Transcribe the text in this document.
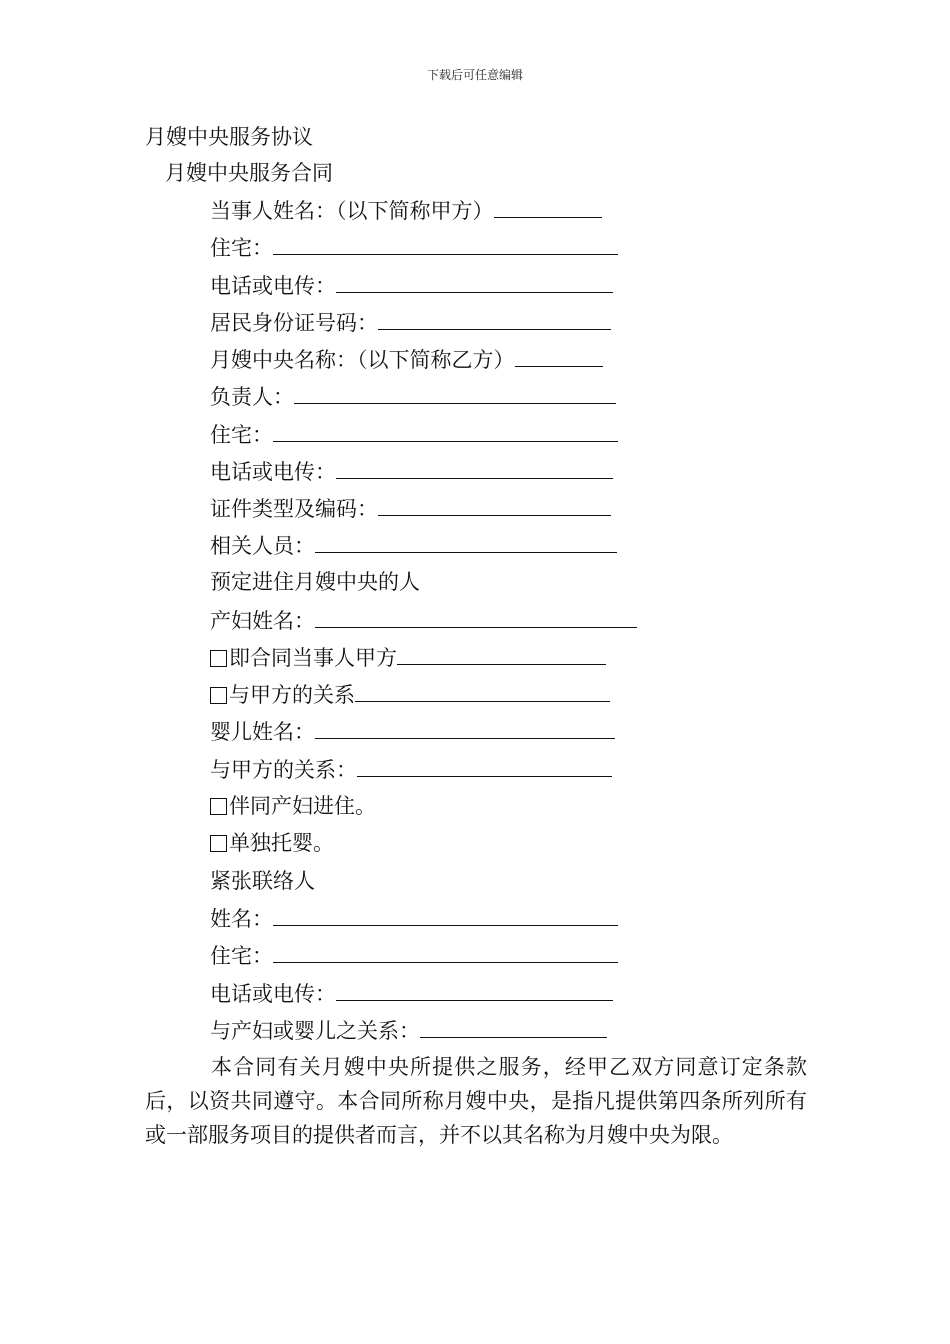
下载后可任意编辑
月嫂中央服务协议
月嫂中央服务合同
当事人姓名：（以下简称甲方）
住宅：
电话或电传：
居民身份证号码：
月嫂中央名称：（以下简称乙方）
负责人：
住宅：
电话或电传：
证件类型及编码：
相关人员：
预定进住月嫂中央的人
产妇姓名：
即合同当事人甲方
与甲方的关系
婴儿姓名：
与甲方的关系：
伴同产妇进住。
单独托婴。
紧张联络人
姓名：
住宅：
电话或电传：
与产妇或婴儿之关系：
本合同有关月嫂中央所提供之服务，经甲乙双方同意订定条款后，以资共同遵守。本合同所称月嫂中央，是指凡提供第四条所列所有或一部服务项目的提供者而言，并不以其名称为月嫂中央为限。
